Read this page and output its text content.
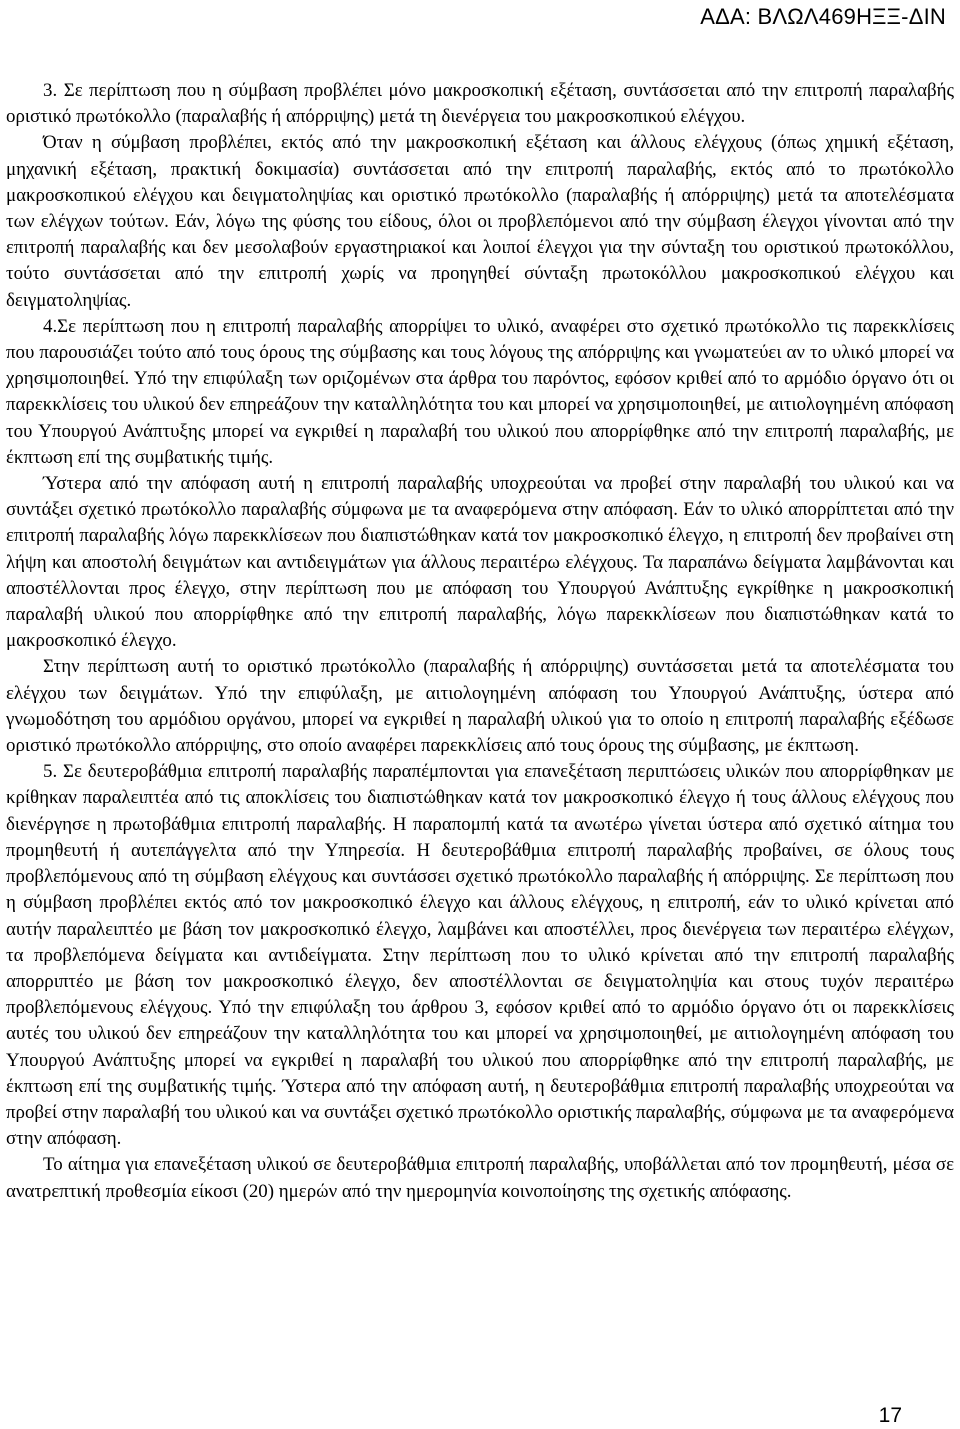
ΑΔΑ: ΒΛΩΛ469ΗΞΞ-ΔΙΝ

3. Σε περίπτωση που η σύμβαση προβλέπει μόνο μακροσκοπική εξέταση, συντάσσεται από την επιτροπή παραλαβής οριστικό πρωτόκολλο (παραλαβής ή απόρριψης) μετά τη διενέργεια του μακροσκοπικού ελέγχου.

Όταν η σύμβαση προβλέπει, εκτός από την μακροσκοπική εξέταση και άλλους ελέγχους (όπως χημική εξέταση, μηχανική εξέταση, πρακτική δοκιμασία) συντάσσεται από την επιτροπή παραλαβής, εκτός από το πρωτόκολλο μακροσκοπικού ελέγχου και δειγματοληψίας και οριστικό πρωτόκολλο (παραλαβής ή απόρριψης) μετά τα αποτελέσματα των ελέγχων τούτων. Εάν, λόγω της φύσης του είδους, όλοι οι προβλεπόμενοι από την σύμβαση έλεγχοι γίνονται από την επιτροπή παραλαβής και δεν μεσολαβούν εργαστηριακοί και λοιποί έλεγχοι για την σύνταξη του οριστικού πρωτοκόλλου, τούτο συντάσσεται από την επιτροπή χωρίς να προηγηθεί σύνταξη πρωτοκόλλου μακροσκοπικού ελέγχου και δειγματοληψίας.

4.Σε περίπτωση που η επιτροπή παραλαβής απορρίψει το υλικό, αναφέρει στο σχετικό πρωτόκολλο τις παρεκκλίσεις που παρουσιάζει τούτο από τους όρους της σύμβασης και τους λόγους της απόρριψης και γνωματεύει αν το υλικό μπορεί να χρησιμοποιηθεί. Υπό την επιφύλαξη των οριζομένων στα άρθρα του παρόντος, εφόσον κριθεί από το αρμόδιο όργανο ότι οι παρεκκλίσεις του υλικού δεν επηρεάζουν την καταλληλότητα του και μπορεί να χρησιμοποιηθεί, με αιτιολογημένη απόφαση του Υπουργού Ανάπτυξης μπορεί να εγκριθεί η παραλαβή του υλικού που απορρίφθηκε από την επιτροπή παραλαβής, με έκπτωση επί της συμβατικής τιμής.

Ύστερα από την απόφαση αυτή η επιτροπή παραλαβής υποχρεούται να προβεί στην παραλαβή του υλικού και να συντάξει σχετικό πρωτόκολλο παραλαβής σύμφωνα με τα αναφερόμενα στην απόφαση. Εάν το υλικό απορρίπτεται από την επιτροπή παραλαβής λόγω παρεκκλίσεων που διαπιστώθηκαν κατά τον μακροσκοπικό έλεγχο, η επιτροπή δεν προβαίνει στη λήψη και αποστολή δειγμάτων και αντιδειγμάτων για άλλους περαιτέρω ελέγχους. Τα παραπάνω δείγματα λαμβάνονται και αποστέλλονται προς έλεγχο, στην περίπτωση που με απόφαση του Υπουργού Ανάπτυξης εγκρίθηκε η μακροσκοπική παραλαβή υλικού που απορρίφθηκε από την επιτροπή παραλαβής, λόγω παρεκκλίσεων που διαπιστώθηκαν κατά το μακροσκοπικό έλεγχο.

Στην περίπτωση αυτή το οριστικό πρωτόκολλο (παραλαβής ή απόρριψης) συντάσσεται μετά τα αποτελέσματα του ελέγχου των δειγμάτων. Υπό την επιφύλαξη, με αιτιολογημένη απόφαση του Υπουργού Ανάπτυξης, ύστερα από γνωμοδότηση του αρμόδιου οργάνου, μπορεί να εγκριθεί η παραλαβή υλικού για το οποίο η επιτροπή παραλαβής εξέδωσε οριστικό πρωτόκολλο απόρριψης, στο οποίο αναφέρει παρεκκλίσεις από τους όρους της σύμβασης, με έκπτωση.

5. Σε δευτεροβάθμια επιτροπή παραλαβής παραπέμπονται για επανεξέταση περιπτώσεις υλικών που απορρίφθηκαν με κρίθηκαν παραλειπτέα από τις αποκλίσεις του διαπιστώθηκαν κατά τον μακροσκοπικό έλεγχο ή τους άλλους ελέγχους που διενέργησε η πρωτοβάθμια επιτροπή παραλαβής. Η παραπομπή κατά τα ανωτέρω γίνεται ύστερα από σχετικό αίτημα του προμηθευτή ή αυτεπάγγελτα από την Υπηρεσία. Η δευτεροβάθμια επιτροπή παραλαβής προβαίνει, σε όλους τους προβλεπόμενους από τη σύμβαση ελέγχους και συντάσσει σχετικό πρωτόκολλο παραλαβής ή απόρριψης. Σε περίπτωση που η σύμβαση προβλέπει εκτός από τον μακροσκοπικό έλεγχο και άλλους ελέγχους, η επιτροπή, εάν το υλικό κρίνεται από αυτήν παραλειπτέο με βάση τον μακροσκοπικό έλεγχο, λαμβάνει και αποστέλλει, προς διενέργεια των περαιτέρω ελέγχων, τα προβλεπόμενα δείγματα και αντιδείγματα. Στην περίπτωση που το υλικό κρίνεται από την επιτροπή παραλαβής απορριπτέο με βάση τον μακροσκοπικό έλεγχο, δεν αποστέλλονται σε δειγματοληψία και στους τυχόν περαιτέρω προβλεπόμενους ελέγχους. Υπό την επιφύλαξη του άρθρου 3, εφόσον κριθεί από το αρμόδιο όργανο ότι οι παρεκκλίσεις αυτές του υλικού δεν επηρεάζουν την καταλληλότητα του και μπορεί να χρησιμοποιηθεί, με αιτιολογημένη απόφαση του Υπουργού Ανάπτυξης μπορεί να εγκριθεί η παραλαβή του υλικού που απορρίφθηκε από την επιτροπή παραλαβής, με έκπτωση επί της συμβατικής τιμής. Ύστερα από την απόφαση αυτή, η δευτεροβάθμια επιτροπή παραλαβής υποχρεούται να προβεί στην παραλαβή του υλικού και να συντάξει σχετικό πρωτόκολλο οριστικής παραλαβής, σύμφωνα με τα αναφερόμενα στην απόφαση.

Το αίτημα για επανεξέταση υλικού σε δευτεροβάθμια επιτροπή παραλαβής, υποβάλλεται από τον προμηθευτή, μέσα σε ανατρεπτική προθεσμία είκοσι (20) ημερών από την ημερομηνία κοινοποίησης της σχετικής απόφασης.

17
